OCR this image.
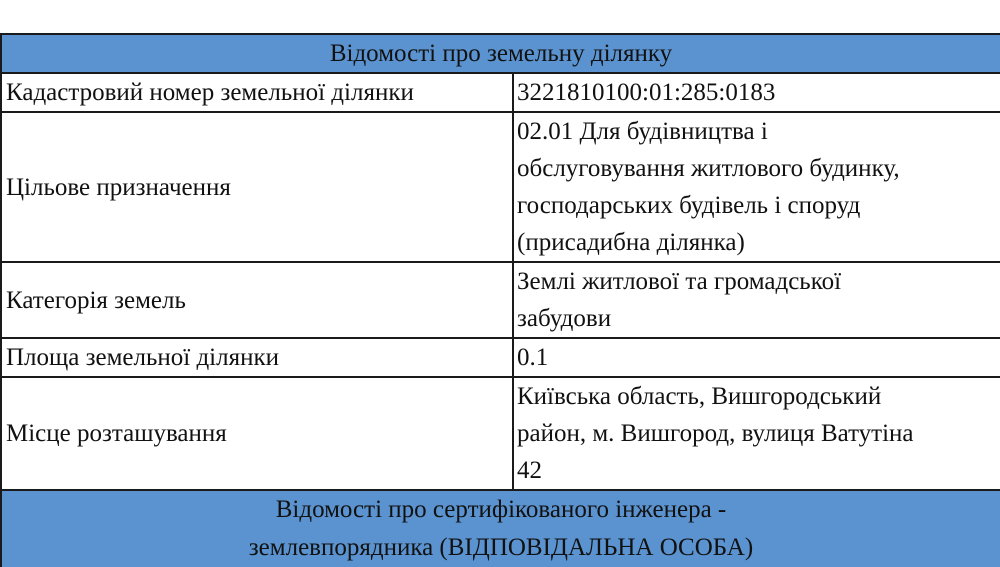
Відомості про земельну ділянку	
Кадастровий номер земельної ділянки	3221810100:01:285:0183
Цільове призначення	02.01 Для будівництва і
обслуговування житлового будинку,
господарських будівель і споруд
(присадибна ділянка)

Категорія земель	Землі житлової та громадської
забудови

Площа земельної ділянки	0.1
Місце розташування	Київська область, Вишгородський
район, м. Вишгород, вулиця Ватутіна
42

Відомості про сертифікованого інженера -
землевпорядника (ВІДПОВІДАЛЬНА ОСОБА)	
